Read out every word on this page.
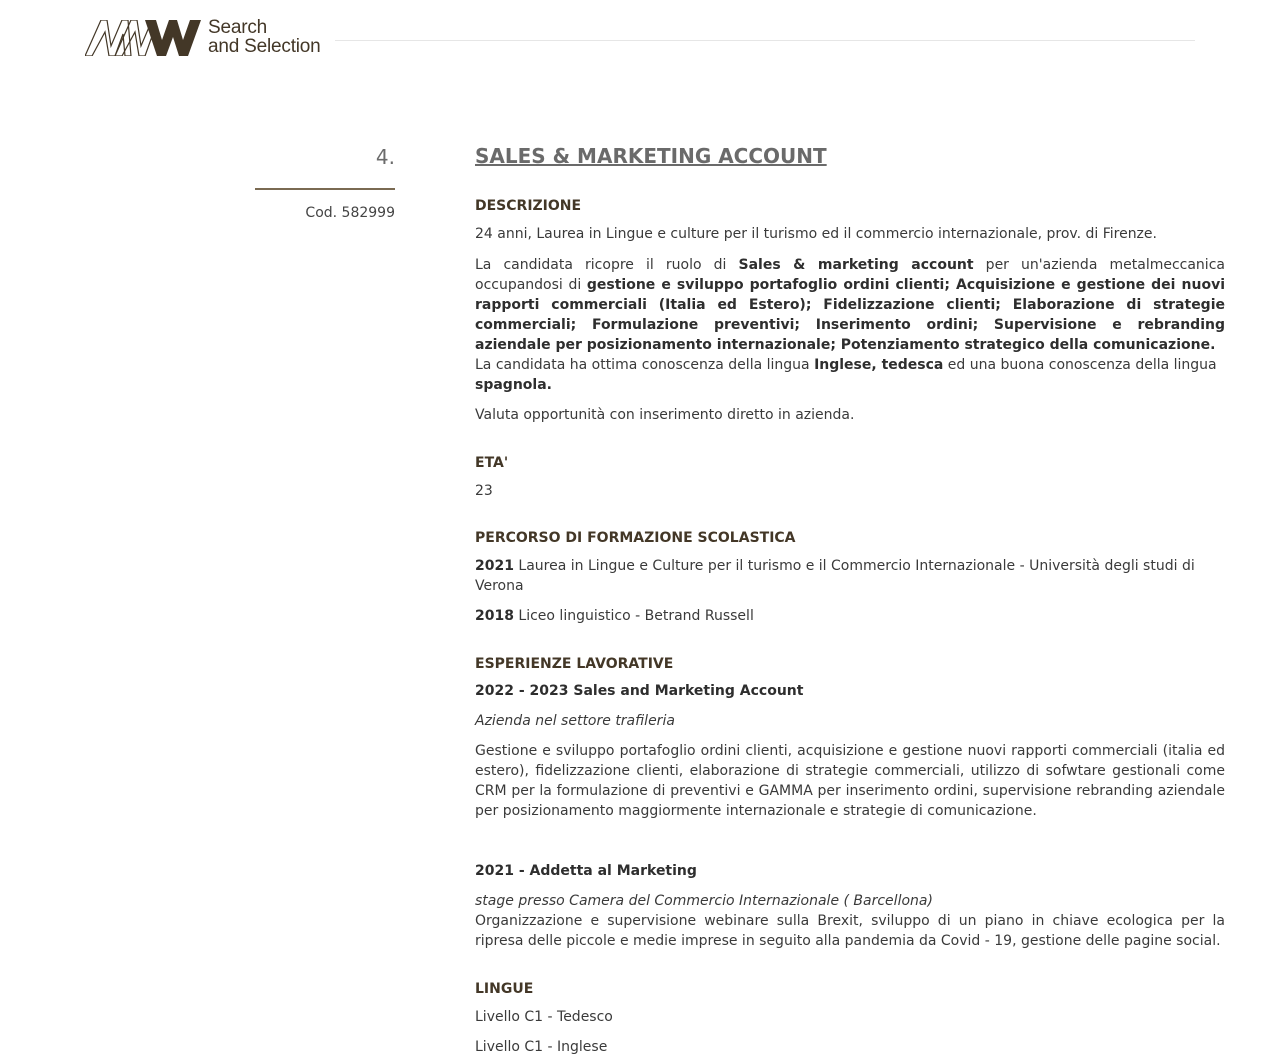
Search
and Selection
4.
Cod. 582999
SALES & MARKETING ACCOUNT
DESCRIZIONE

24 anni, Laurea in Lingue e culture per il turismo ed il commercio internazionale, prov. di Firenze.

La candidata ricopre il ruolo di Sales & marketing account per un'azienda metalmeccanica occupandosi di gestione e sviluppo portafoglio ordini clienti; Acquisizione e gestione dei nuovi rapporti commerciali (Italia ed Estero); Fidelizzazione clienti; Elaborazione di strategie commerciali; Formulazione preventivi; Inserimento ordini; Supervisione e rebranding aziendale per posizionamento internazionale; Potenziamento strategico della comunicazione.

La candidata ha ottima conoscenza della lingua Inglese, tedesca ed una buona conoscenza della lingua spagnola.

Valuta opportunità con inserimento diretto in azienda.

ETA'

23

PERCORSO DI FORMAZIONE SCOLASTICA

2021 Laurea in Lingue e Culture per il turismo e il Commercio Internazionale - Università degli studi di Verona

2018 Liceo linguistico - Betrand Russell

ESPERIENZE LAVORATIVE

2022 - 2023 Sales and Marketing Account

Azienda nel settore trafileria

Gestione e sviluppo portafoglio ordini clienti, acquisizione e gestione nuovi rapporti commerciali (italia ed estero), fidelizzazione clienti, elaborazione di strategie commerciali, utilizzo di sofwtare gestionali come CRM per la formulazione di preventivi e GAMMA per inserimento ordini, supervisione rebranding aziendale per posizionamento maggiormente internazionale e strategie di comunicazione.

2021 - Addetta al Marketing

stage presso Camera del Commercio Internazionale ( Barcellona)

Organizzazione e supervisione webinare sulla Brexit, sviluppo di un piano in chiave ecologica per la ripresa delle piccole e medie imprese in seguito alla pandemia da Covid - 19, gestione delle pagine social.

LINGUE

Livello C1 - Tedesco

Livello C1 - Inglese
